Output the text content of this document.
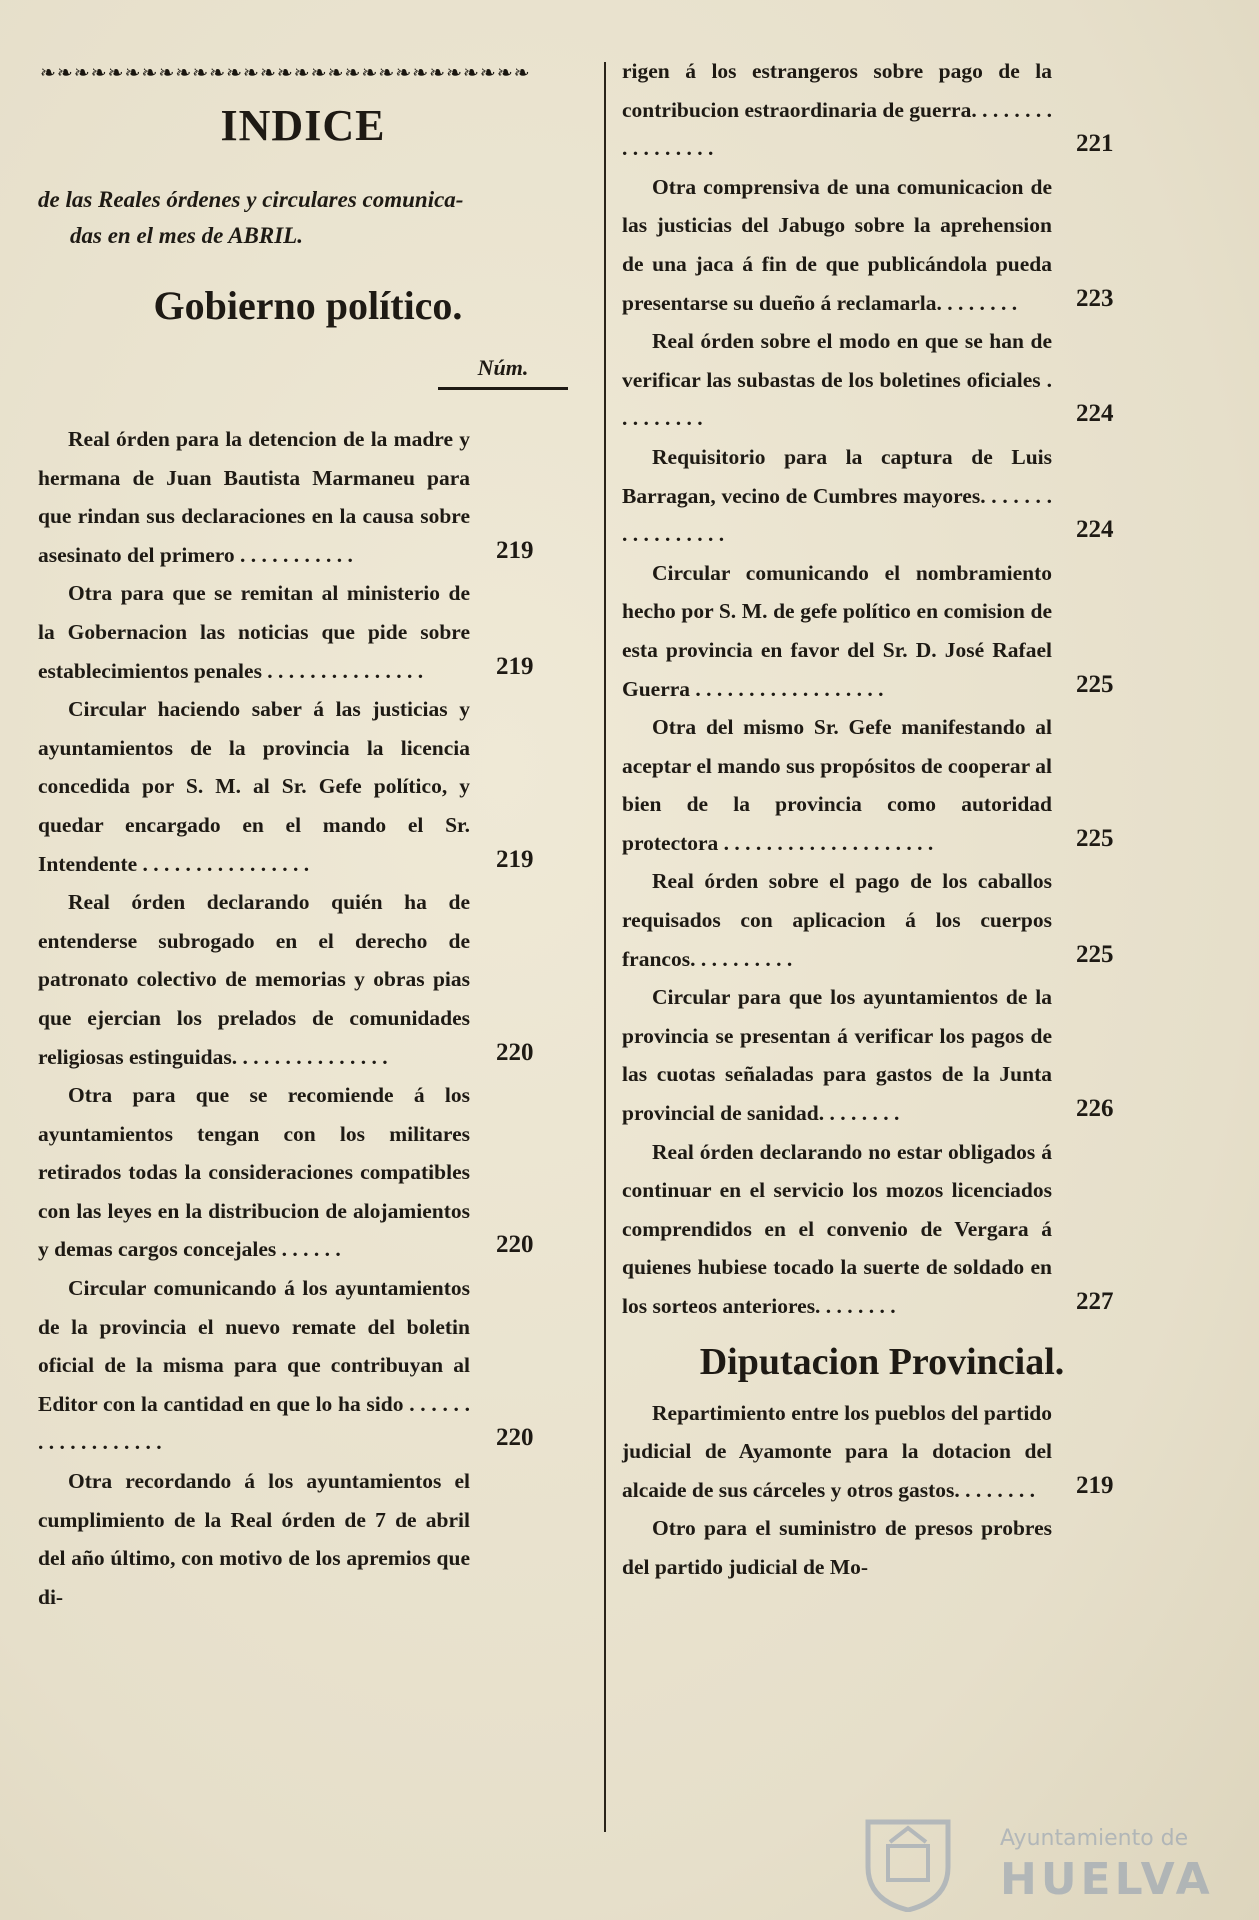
❧❧❧❧❧❧❧❧❧❧❧❧❧❧❧❧❧❧❧❧❧❧❧❧❧❧❧❧❧
INDICE
de las Reales órdenes y circulares comunica-
das en el mes de ABRIL.
Gobierno político.
Núm.
Real órden para la detencion de la madre y hermana de Juan Bautista Marmaneu para que rindan sus declaraciones en la causa sobre asesinato del primero . . . . . . . . . . .	219
Otra para que se remitan al ministerio de la Gobernacion las noticias que pide sobre establecimientos penales . . . . . . . . . . . . . . .	219
Circular haciendo saber á las justicias y ayuntamientos de la provincia la licencia concedida por S. M. al Sr. Gefe político, y quedar encargado en el mando el Sr. Intendente . . . . . . . . . . . . . . . .	219
Real órden declarando quién ha de entenderse subrogado en el derecho de patronato colectivo de memorias y obras pias que ejercian los prelados de comunidades religiosas estinguidas. . . . . . . . . . . . . . .	220
Otra para que se recomiende á los ayuntamientos tengan con los militares retirados todas la consideraciones compatibles con las leyes en la distribucion de alojamientos y demas cargos concejales . . . . . .	220
Circular comunicando á los ayuntamientos de la provincia el nuevo remate del boletin oficial de la misma para que contribuyan al Editor con la cantidad en que lo ha sido . . . . . . . . . . . . . . . . . .	220
Otra recordando á los ayuntamientos el cumplimiento de la Real órden de 7 de abril del año último, con motivo de los apremios que di-
rigen á los estrangeros sobre pago de la contribucion estraordinaria de guerra. . . . . . . . . . . . . . . . .	221
Otra comprensiva de una comunicacion de las justicias del Jabugo sobre la aprehension de una jaca á fin de que publicándola pueda presentarse su dueño á reclamarla. . . . . . . .	223
Real órden sobre el modo en que se han de verificar las subastas de los boletines oficiales . . . . . . . . .	224
Requisitorio para la captura de Luis Barragan, vecino de Cumbres mayores. . . . . . . . . . . . . . . . .	224
Circular comunicando el nombramiento hecho por S. M. de gefe político en comision de esta provincia en favor del Sr. D. José Rafael Guerra . . . . . . . . . . . . . . . . . .	225
Otra del mismo Sr. Gefe manifestando al aceptar el mando sus propósitos de cooperar al bien de la provincia como autoridad protectora . . . . . . . . . . . . . . . . . . . .	225
Real órden sobre el pago de los caballos requisados con aplicacion á los cuerpos francos. . . . . . . . . .	225
Circular para que los ayuntamientos de la provincia se presentan á verificar los pagos de las cuotas señaladas para gastos de la Junta provincial de sanidad. . . . . . . .	226
Real órden declarando no estar obligados á continuar en el servicio los mozos licenciados comprendidos en el convenio de Vergara á quienes hubiese tocado la suerte de soldado en los sorteos anteriores. . . . . . . .	227
Diputacion Provincial.
Repartimiento entre los pueblos del partido judicial de Ayamonte para la dotacion del alcaide de sus cárceles y otros gastos. . . . . . . .	219
Otro para el suministro de presos probres del partido judicial de Mo-
Ayuntamiento de
HUELVA
